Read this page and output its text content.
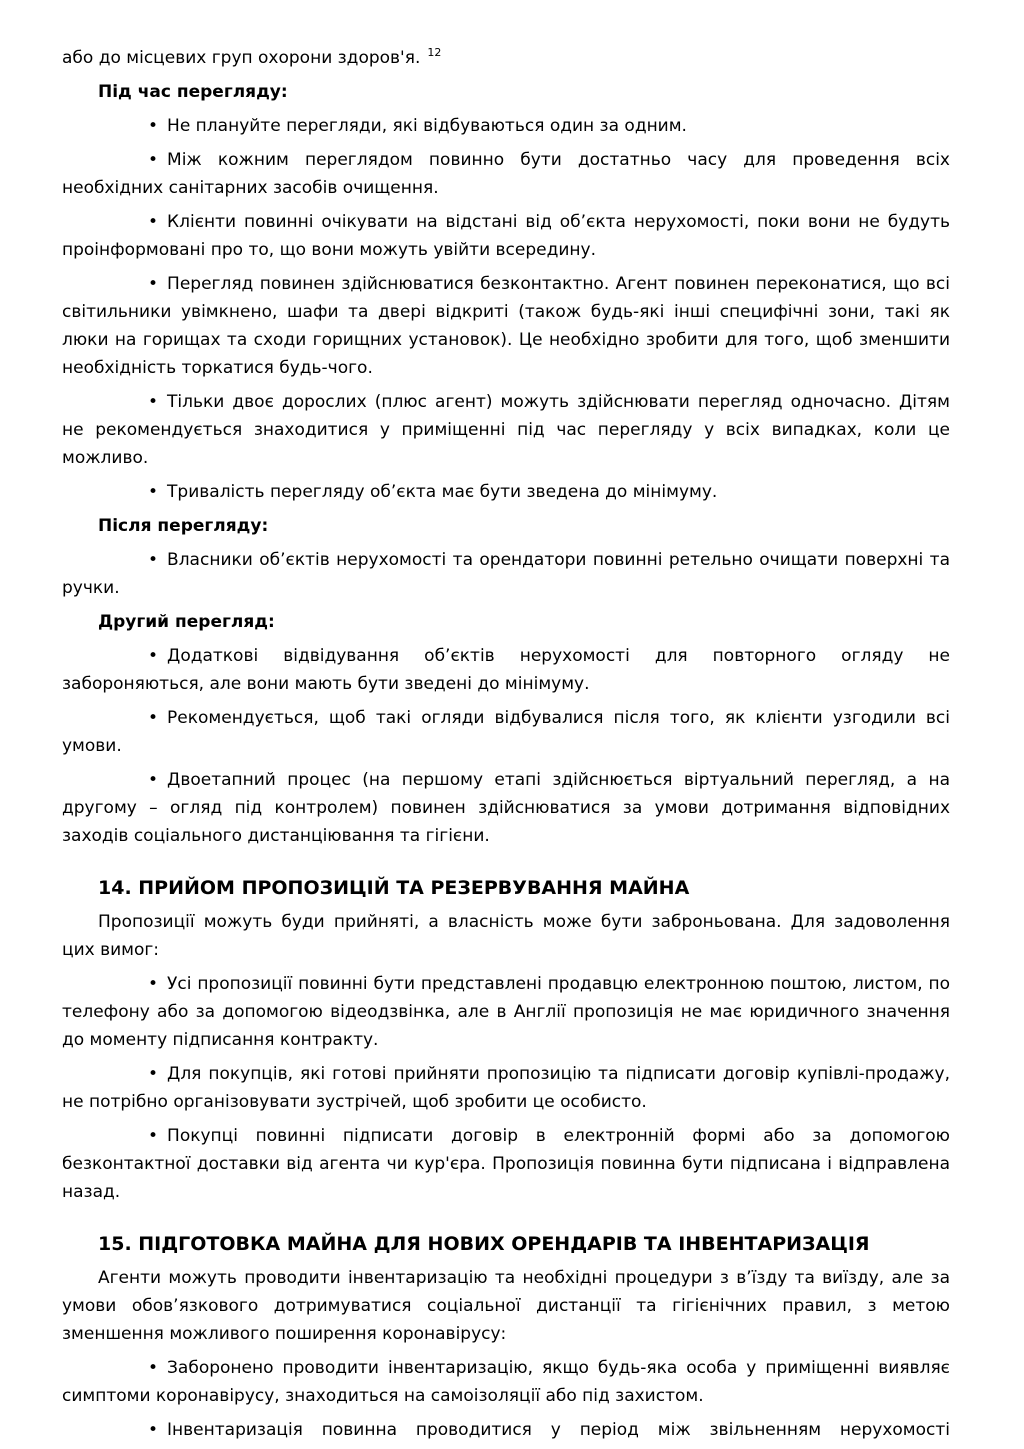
або до місцевих груп охорони здоров'я. $^{12}$

Під час перегляду:

• Не плануйте перегляди, які відбуваються один за одним.

• Між кожним переглядом повинно бути достатньо часу для проведення всіх необхідних санітарних засобів очищення.

• Клієнти повинні очікувати на відстані від об’єкта нерухомості, поки вони не будуть проінформовані про то, що вони можуть увійти всередину.

• Перегляд повинен здійснюватися безконтактно. Агент повинен переконатися, що всі світильники увімкнено, шафи та двері відкриті (також будь-які інші специфічні зони, такі як люки на горищах та сходи горищних установок). Це необхідно зробити для того, щоб зменшити необхідність торкатися будь-чого.

• Тільки двоє дорослих (плюс агент) можуть здійснювати перегляд одночасно. Дітям не рекомендується знаходитися у приміщенні під час перегляду у всіх випадках, коли це можливо.

• Тривалість перегляду об’єкта має бути зведена до мінімуму.

Після перегляду:

• Власники об’єктів нерухомості та орендатори повинні ретельно очищати поверхні та ручки.

Другий перегляд:

• Додаткові відвідування об’єктів нерухомості для повторного огляду не забороняються, але вони мають бути зведені до мінімуму.

• Рекомендується, щоб такі огляди відбувалися після того, як клієнти узгодили всі умови.

• Двоетапний процес (на першому етапі здійснюється віртуальний перегляд, а на другому – огляд під контролем) повинен здійснюватися за умови дотримання відповідних заходів соціального дистанціювання та гігієни.

14. ПРИЙОМ ПРОПОЗИЦІЙ ТА РЕЗЕРВУВАННЯ МАЙНА

Пропозиції можуть буди прийняті, а власність може бути заброньована. Для задоволення цих вимог:

• Усі пропозиції повинні бути представлені продавцю електронною поштою, листом, по телефону або за допомогою відеодзвінка, але в Англії пропозиція не має юридичного значення до моменту підписання контракту.

• Для покупців, які готові прийняти пропозицію та підписати договір купівлі-продажу, не потрібно організовувати зустрічей, щоб зробити це особисто.

• Покупці повинні підписати договір в електронній формі або за допомогою безконтактної доставки від агента чи кур'єра. Пропозиція повинна бути підписана і відправлена назад.

15. ПІДГОТОВКА МАЙНА ДЛЯ НОВИХ ОРЕНДАРІВ ТА ІНВЕНТАРИЗАЦІЯ

Агенти можуть проводити інвентаризацію та необхідні процедури з в’їзду та виїзду, але за умови обов’язкового дотримуватися соціальної дистанції та гігієнічних правил, з метою зменшення можливого поширення коронавірусу:

• Заборонено проводити інвентаризацію, якщо будь-яка особа у приміщенні виявляє симптоми коронавірусу, знаходиться на самоізоляції або під захистом.

• Інвентаризація повинна проводитися у період між звільненням нерухомості
